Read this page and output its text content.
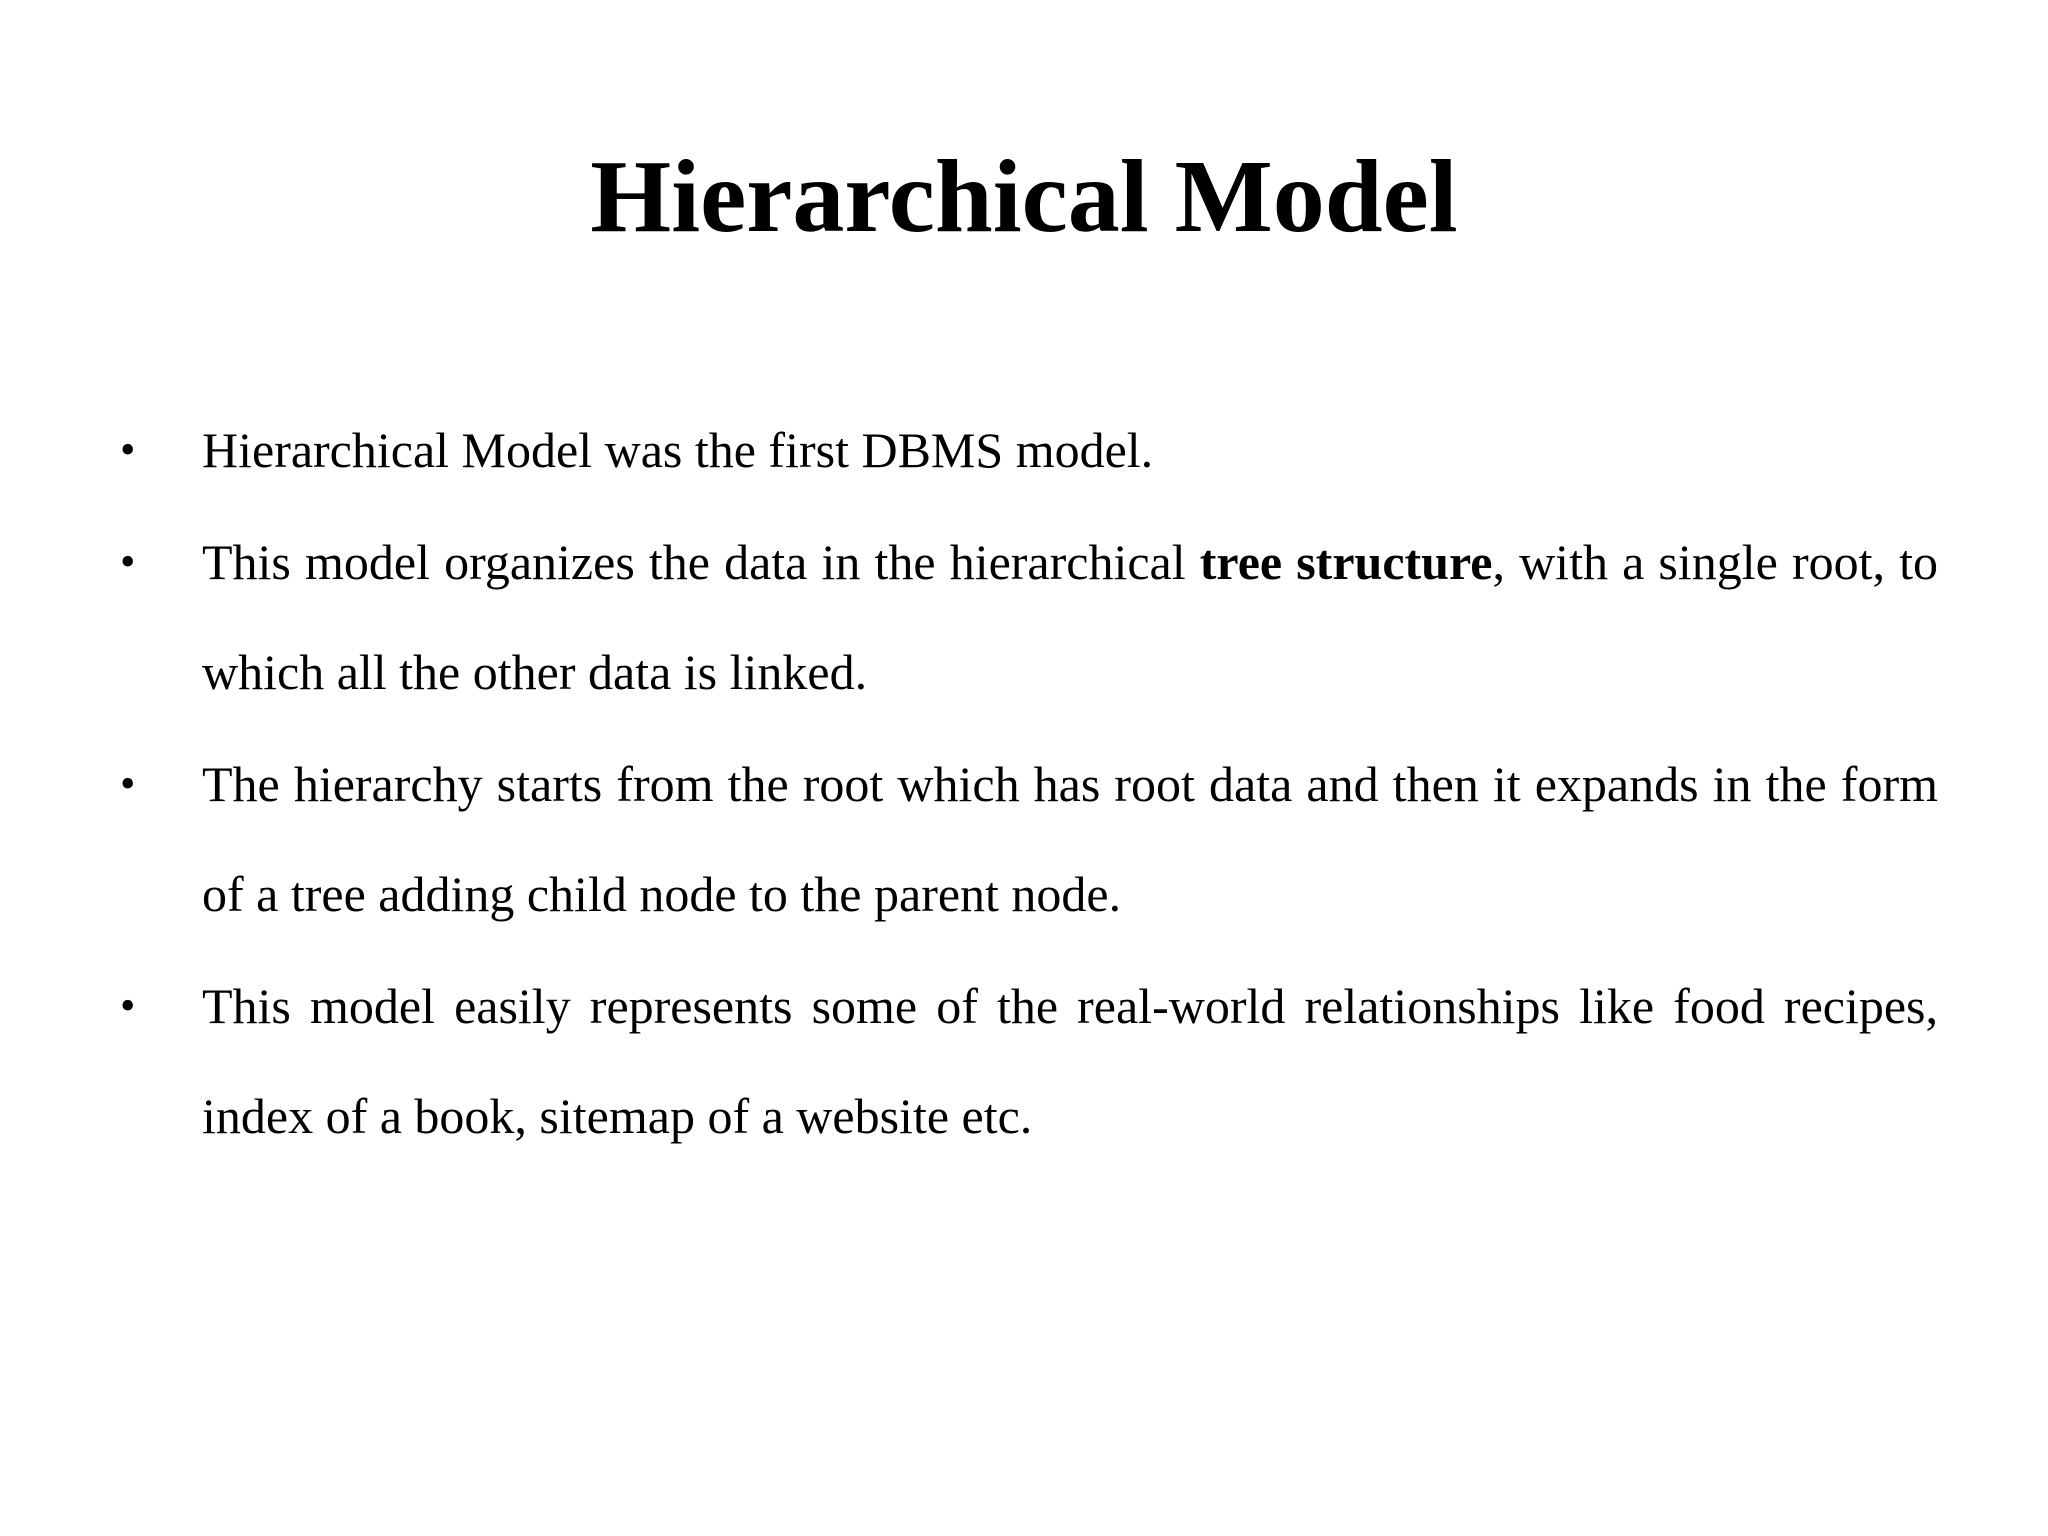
Hierarchical Model
•	Hierarchical Model was the first DBMS model.
•	This model organizes the data in the hierarchical tree structure, with a single root, to which all the other data is linked.
•	The hierarchy starts from the root which has root data and then it expands in the form of a tree adding child node to the parent node.
•	This model easily represents some of the real-world relationships like food recipes, index of a book, sitemap of a website etc.
